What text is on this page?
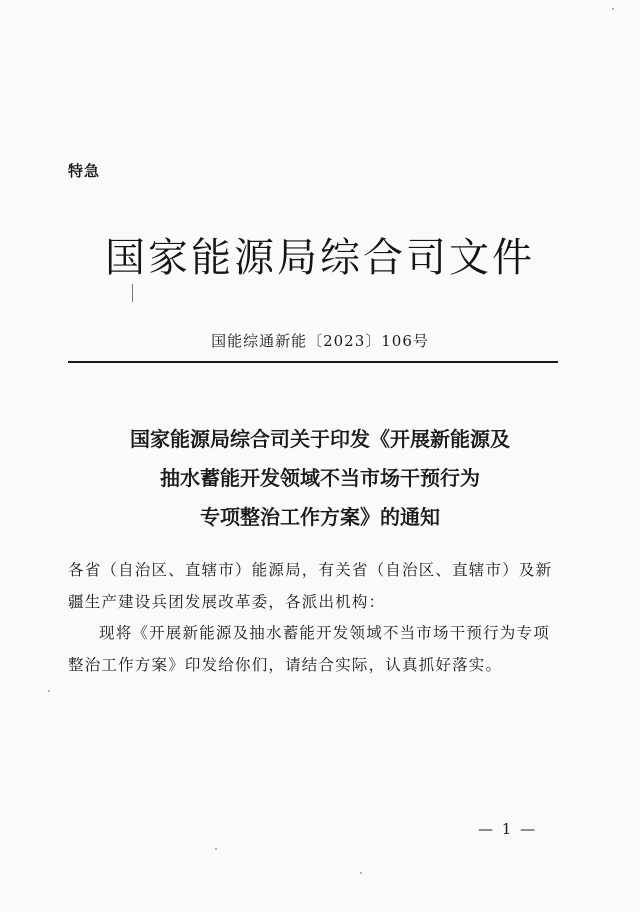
特急
国家能源局综合司文件
国能综通新能〔2023〕106号
国家能源局综合司关于印发《开展新能源及
抽水蓄能开发领域不当市场干预行为
专项整治工作方案》的通知

各省（自治区、直辖市）能源局，有关省（自治区、直辖市）及新疆生产建设兵团发展改革委，各派出机构：

现将《开展新能源及抽水蓄能开发领域不当市场干预行为专项整治工作方案》印发给你们，请结合实际，认真抓好落实。

— 1 —
